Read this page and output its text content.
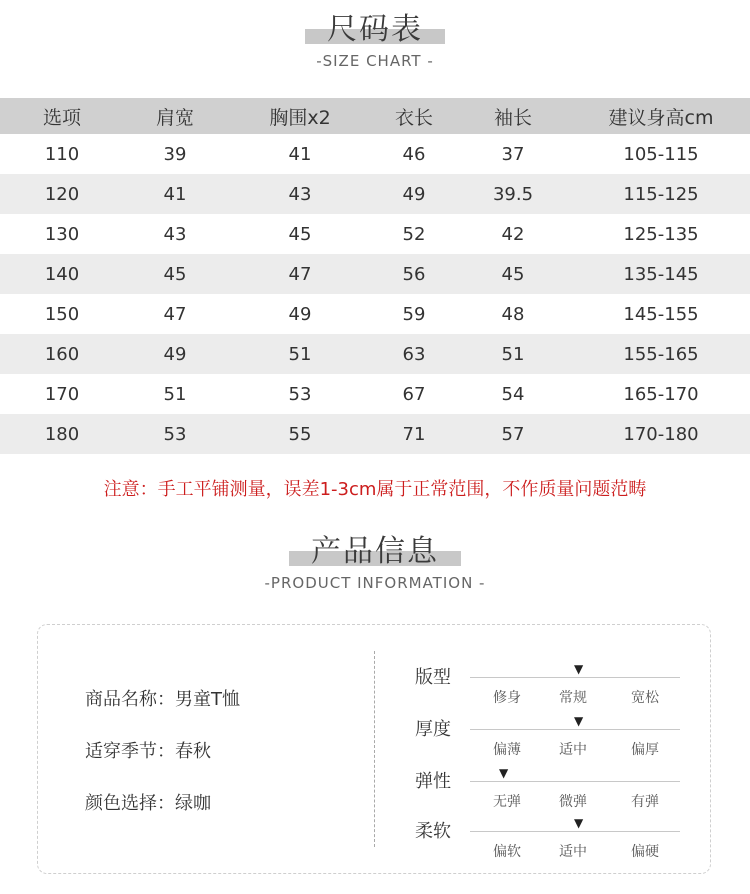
尺码表
-SIZE CHART -
选项	肩宽	胸围x2	衣长	袖长	建议身高cm
110	39	41	46	37	105-115
120	41	43	49	39.5	115-125
130	43	45	52	42	125-135
140	45	47	56	45	135-145
150	47	49	59	48	145-155
160	49	51	63	51	155-165
170	51	53	67	54	165-170
180	53	55	71	57	170-180
注意：手工平铺测量，误差1-3cm属于正常范围，不作质量问题范畴
产品信息
-PRODUCT INFORMATION -
商品名称：男童T恤
适穿季节：春秋
颜色选择：绿咖
版型	▼
修身	常规	宽松
厚度	▼
偏薄	适中	偏厚
弹性	▼
无弹	微弹	有弹
柔软	▼
偏软	适中	偏硬
